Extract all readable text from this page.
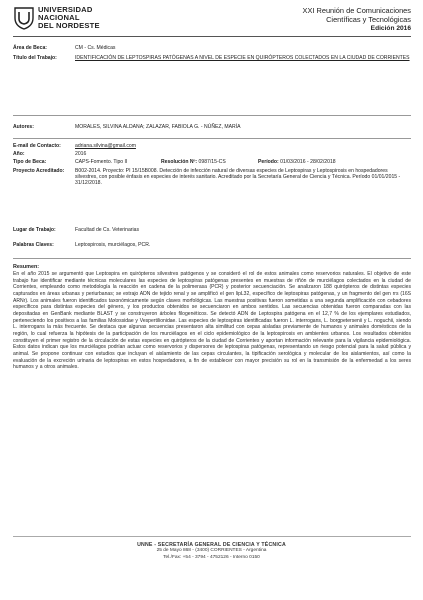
UNIVERSIDAD
NACIONAL
DEL NORDESTE
XXI Reunión de Comunicaciones
Científicas y Tecnológicas
Edición 2016
Área de Beca:	CM - Cs. Médicas
Título del Trabajo:	IDENTIFICACIÓN DE LEPTOSPIRAS PATÓGENAS A NIVEL DE ESPECIE EN QUIRÓPTEROS COLECTADOS EN LA CIUDAD DE CORRIENTES
Autores:	MORALES, SILVINA ALDANA; ZALAZAR, FABIOLA G. - NÚÑEZ, MARÍA
E-mail de Contacto:	adriana.silvina@gmail.com
Año:	2016
Tipo de Beca:	CAPS-Fomento. Tipo II	Resolución Nº: 0987/15-CS	Período: 01/03/2016 - 28/02/2018
Proyecto Acreditado: B002-2014. Proyecto: PI 15/15B008. Detección de infección natural de diversas especies de Leptospiras y Leptospirosis en hospedadores silvestres, con posible énfasis en especies de interés sanitario. Acreditado por la Secretaría General de Ciencia y Técnica. Período 01/01/2015 - 31/12/2018.
Lugar de Trabajo:	Facultad de Cs. Veterinarias
Palabras Claves:	Leptospirosis, murciélagos, PCR.
Resumen:
En el año 2015 se argumentó que Leptospira en quirópteros silvestres patógenos y se consideró el rol de estos animales como reservorios naturales. El objetivo de este trabajo fue identificar mediante técnicas moleculares las especies de leptospiras patógenas presentes en muestras de riñón de murciélagos colectados en la ciudad de Corrientes, empleando como metodología la reacción en cadena de la polimerasa (PCR) y posterior secuenciación. Se analizaron 188 quirópteros de distintas especies capturados en áreas urbanas y periurbanas; se extrajo ADN de tejido renal y se amplificó el gen lipL32, específico de leptospiras patógenas, y un fragmento del gen rrs (16S ARNr). Los animales fueron identificados taxonómicamente según claves morfológicas. Las muestras positivas fueron sometidas a una segunda amplificación con cebadores específicos para distintas especies del género, y los productos obtenidos se secuenciaron en ambos sentidos. Las secuencias obtenidas fueron comparadas con las depositadas en GenBank mediante BLAST y se construyeron árboles filogenéticos. Se detectó ADN de Leptospira patógena en el 12,7 % de los ejemplares estudiados, perteneciendo los positivos a las familias Molossidae y Vespertilionidae. Las especies de leptospiras identificadas fueron L. interrogans, L. borgpetersenii y L. noguchii, siendo L. interrogans la más frecuente. Se destaca que algunas secuencias presentaron alta similitud con cepas aisladas previamente de humanos y animales domésticos de la región, lo cual refuerza la hipótesis de la participación de los murciélagos en el ciclo epidemiológico de la leptospirosis en ambientes urbanos. Los resultados obtenidos constituyen el primer registro de la circulación de estas especies en quirópteros de la ciudad de Corrientes y aportan información relevante para la vigilancia epidemiológica. Estos datos indican que los murciélagos podrían actuar como reservorios y dispersores de leptospiras patógenas, representando un riesgo potencial para la salud pública y animal. Se propone continuar con estudios que incluyan el aislamiento de las cepas circulantes, la tipificación serológica y molecular de los aislamientos, así como la evaluación de la excreción urinaria de leptospiras en estos hospedadores, a fin de establecer con mayor precisión su rol en la transmisión de la enfermedad a los seres humanos y a otros animales.
UNNE - SECRETARÍA GENERAL DE CIENCIA Y TÉCNICA
25 de Mayo 868 - (3400) CORRIENTES - Argentina
Tel./Fax: +54 - 3794 - 4752126 - Interno 0150
